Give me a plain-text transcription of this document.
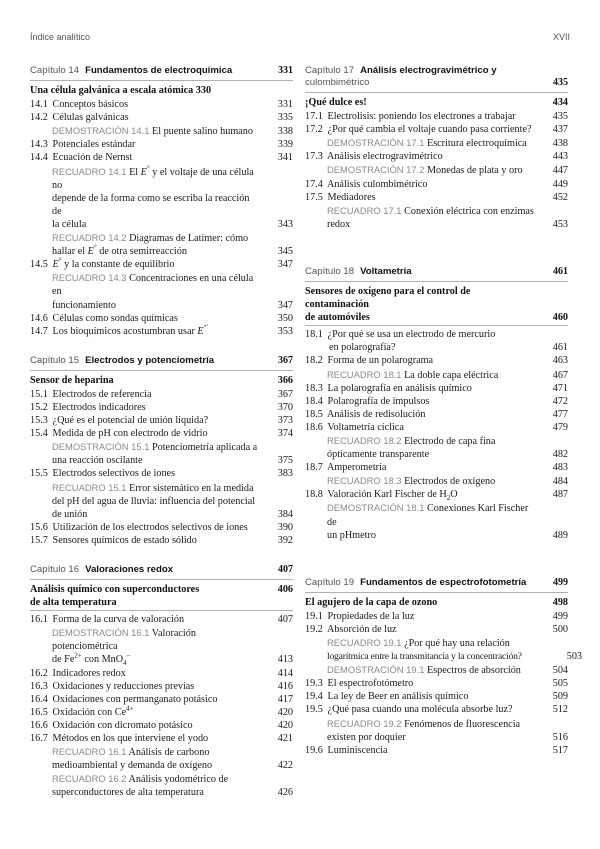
Índice analítico	XVII
Capítulo 14 Fundamentos de electroquímica	331
Una célula galvánica a escala atómica 330
14.1 Conceptos básicos	331
14.2 Células galvánicas	335
DEMOSTRACIÓN 14.1 El puente salino humano 338
14.3 Potenciales estándar	339
14.4 Ecuación de Nernst	341
RECUADRO 14.1 El E° y el voltaje de una célula no
depende de la forma como se escriba la reacción de
la célula	343
RECUADRO 14.2 Diagramas de Latimer: cómo
hallar el E° de otra semirreacción	345
14.5 E° y la constante de equilibrio	347
RECUADRO 14.3 Concentraciones en una célula en
funcionamiento	347
14.6 Células como sondas químicas	350
14.7 Los bioquímicos acostumbran usar E°′	353
Capítulo 15 Electrodos y potenciometría	367
Sensor de heparina	366
15.1 Electrodos de referencia	367
15.2 Electrodos indicadores	370
15.3 ¿Qué es el potencial de unión líquida?	373
15.4 Medida de pH con electrodo de vidrio	374
DEMOSTRACIÓN 15.1 Potenciometría aplicada a
una reacción oscilante	375
15.5 Electrodos selectivos de iones	383
RECUADRO 15.1 Error sistemático en la medida
del pH del agua de lluvia: influencia del potencial
de unión	384
15.6 Utilización de los electrodos selectivos de iones	390
15.7 Sensores químicos de estado sólido	392
Capítulo 16 Valoraciones redox	407
Análisis químico con superconductores
de alta temperatura
406
16.1 Forma de la curva de valoración	407
DEMOSTRACIÓN 16.1 Valoración potenciométrica
de $Fe^{2+}$ con MnO$_4$−	413
16.2 Indicadores redox	414
16.3 Oxidaciones y reducciones previas	416
16.4 Oxidaciones con permanganato potásico	417
16.5 Oxidación con $Ce^{4+}$	420
16.6 Oxidación con dicromato potásico	420
16.7 Métodos en los que interviene el yodo	421
RECUADRO 16.1 Análisis de carbono
medioambiental y demanda de oxígeno	422
RECUADRO 16.2 Análisis yodométrico de
superconductores de alta temperatura	426
Capítulo 17 Análisis electrogravimétrico y culombimétrico	435
¡Qué dulce es!	434
17.1 Electrolisis: poniendo los electrones a trabajar	435
17.2 ¿Por qué cambia el voltaje cuando pasa corriente? 437
DEMOSTRACIÓN 17.1 Escritura electroquímica	438
17.3 Análisis electrogravimétrico	443
DEMOSTRACIÓN 17.2 Monedas de plata y oro	447
17.4 Análisis culombimétrico	449
17.5 Mediadores	452
RECUADRO 17.1 Conexión eléctrica con enzimas
redox	453
Capítulo 18 Voltametría	461
Sensores de oxígeno para el control de contaminación
de automóviles	460
18.1 ¿Por qué se usa un electrodo de mercurio
en polarografía?	461
18.2 Forma de un polarograma	463
RECUADRO 18.1 La doble capa eléctrica	467
18.3 La polarografía en análisis químico	471
18.4 Polarografía de impulsos	472
18.5 Análisis de redisolución	477
18.6 Voltametría cíclica	479
RECUADRO 18.2 Electrodo de capa fina
ópticamente transparente	482
18.7 Amperometría	483
RECUADRO 18.3 Electrodos de oxígeno	484
18.8 Valoración Karl Fischer de $H_2O$	487
DEMOSTRACIÓN 18.1 Conexiones Karl Fischer de
un pHmetro	489
Capítulo 19 Fundamentos de espectrofotometría	499
El agujero de la capa de ozono	498
19.1 Propiedades de la luz	499
19.2 Absorción de luz	500
RECUADRO 19.1 ¿Por qué hay una relación
logarítmica entre la transmitancia y la concentración?	503
DEMOSTRACIÓN 19.1 Espectros de absorción	504
19.3 El espectrofotómetro	505
19.4 La ley de Beer en análisis químico	509
19.5 ¿Qué pasa cuando una molécula absorbe luz?	512
RECUADRO 19.2 Fenómenos de fluorescencia
existen por doquier	516
19.6 Luminiscencia	517
